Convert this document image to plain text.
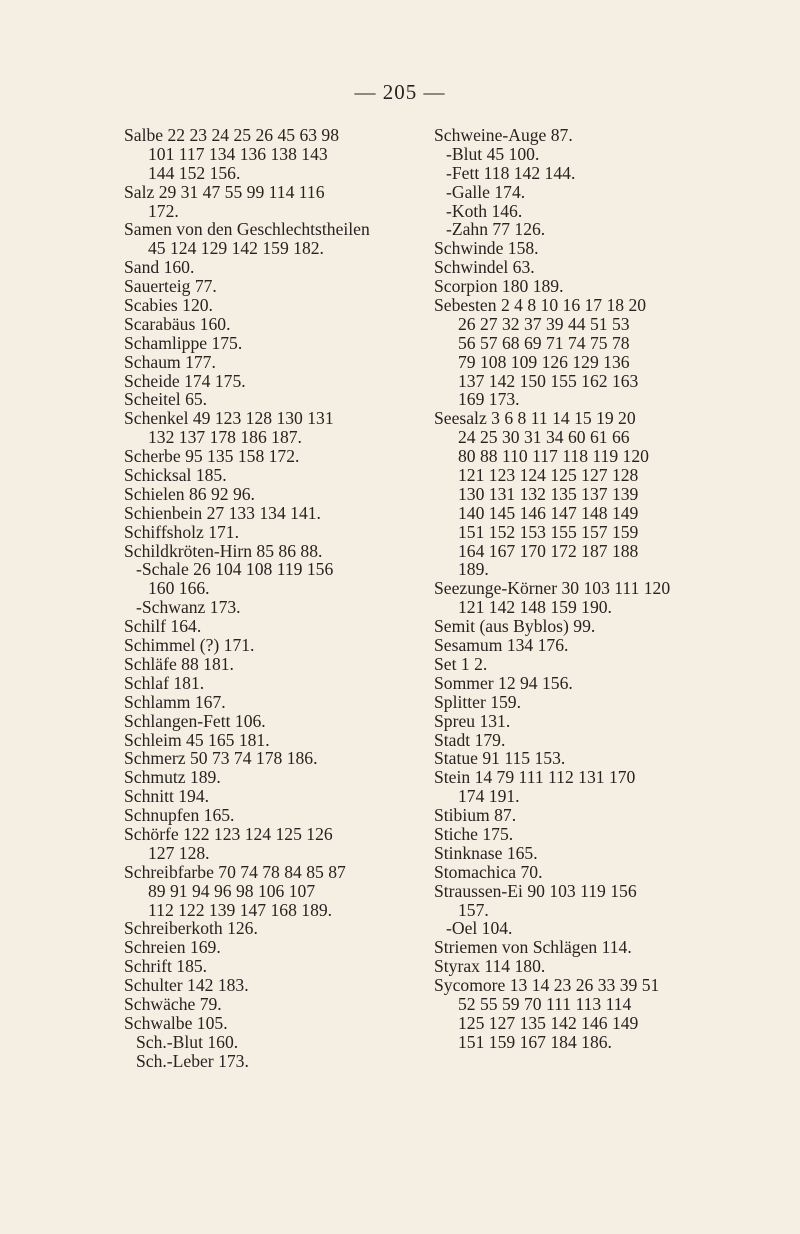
— 205 —
Salbe 22 23 24 25 26 45 63 98
101 117 134 136 138 143
144 152 156.
Salz 29 31 47 55 99 114 116
172.
Samen von den Geschlechtstheilen
45 124 129 142 159 182.
Sand 160.
Sauerteig 77.
Scabies 120.
Scarabäus 160.
Schamlippe 175.
Schaum 177.
Scheide 174 175.
Scheitel 65.
Schenkel 49 123 128 130 131
132 137 178 186 187.
Scherbe 95 135 158 172.
Schicksal 185.
Schielen 86 92 96.
Schienbein 27 133 134 141.
Schiffsholz 171.
Schildkröten-Hirn 85 86 88.
-Schale 26 104 108 119 156
160 166.
-Schwanz 173.
Schilf 164.
Schimmel (?) 171.
Schläfe 88 181.
Schlaf 181.
Schlamm 167.
Schlangen-Fett 106.
Schleim 45 165 181.
Schmerz 50 73 74 178 186.
Schmutz 189.
Schnitt 194.
Schnupfen 165.
Schörfe 122 123 124 125 126
127 128.
Schreibfarbe 70 74 78 84 85 87
89 91 94 96 98 106 107
112 122 139 147 168 189.
Schreiberkoth 126.
Schreien 169.
Schrift 185.
Schulter 142 183.
Schwäche 79.
Schwalbe 105.
Sch.-Blut 160.
Sch.-Leber 173.
Schweine-Auge 87.
-Blut 45 100.
-Fett 118 142 144.
-Galle 174.
-Koth 146.
-Zahn 77 126.
Schwinde 158.
Schwindel 63.
Scorpion 180 189.
Sebesten 2 4 8 10 16 17 18 20
26 27 32 37 39 44 51 53
56 57 68 69 71 74 75 78
79 108 109 126 129 136
137 142 150 155 162 163
169 173.
Seesalz 3 6 8 11 14 15 19 20
24 25 30 31 34 60 61 66
80 88 110 117 118 119 120
121 123 124 125 127 128
130 131 132 135 137 139
140 145 146 147 148 149
151 152 153 155 157 159
164 167 170 172 187 188
189.
Seezunge-Körner 30 103 111 120
121 142 148 159 190.
Semit (aus Byblos) 99.
Sesamum 134 176.
Set 1 2.
Sommer 12 94 156.
Splitter 159.
Spreu 131.
Stadt 179.
Statue 91 115 153.
Stein 14 79 111 112 131 170
174 191.
Stibium 87.
Stiche 175.
Stinknase 165.
Stomachica 70.
Straussen-Ei 90 103 119 156
157.
-Oel 104.
Striemen von Schlägen 114.
Styrax 114 180.
Sycomore 13 14 23 26 33 39 51
52 55 59 70 111 113 114
125 127 135 142 146 149
151 159 167 184 186.
